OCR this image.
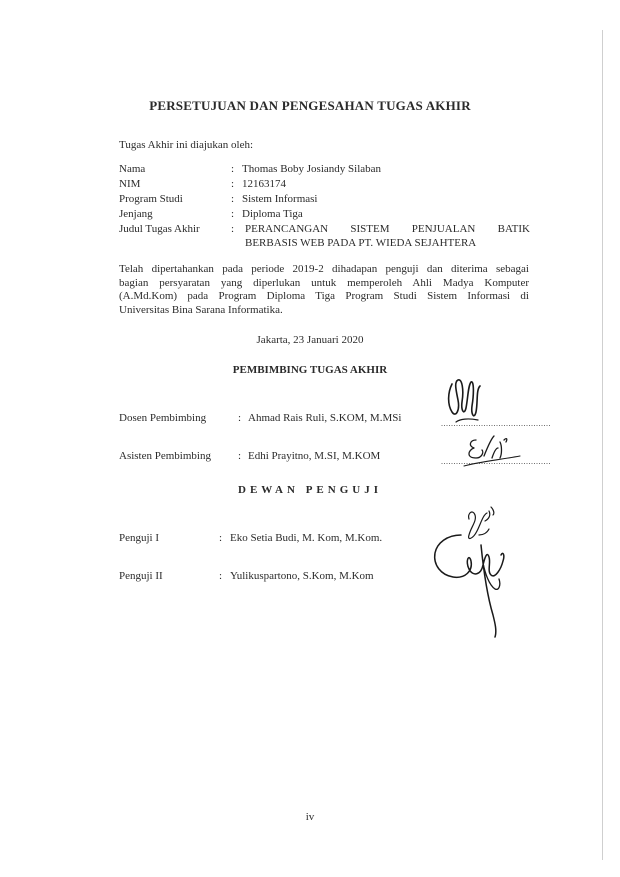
PERSETUJUAN DAN PENGESAHAN TUGAS AKHIR
Tugas Akhir ini diajukan oleh:
Nama	: Thomas Boby Josiandy Silaban
NIM	: 12163174
Program Studi	: Sistem Informasi
Jenjang	: Diploma Tiga
Judul Tugas Akhir	: PERANCANGAN SISTEM PENJUALAN BATIK
BERBASIS WEB PADA PT. WIEDA SEJAHTERA
Telah dipertahankan pada periode 2019-2 dihadapan penguji dan diterima sebagai
bagian persyaratan yang diperlukan untuk memperoleh Ahli Madya Komputer
(A.Md.Kom) pada Program Diploma Tiga Program Studi Sistem Informasi di
Universitas Bina Sarana Informatika.
Jakarta, 23 Januari 2020
PEMBIMBING TUGAS AKHIR
Dosen Pembimbing	: Ahmad Rais Ruli, S.KOM, M.MSi	............................................
Asisten Pembimbing : Edhi Prayitno, M.SI, M.KOM	............................................
DEWAN PENGUJI
Penguji I	: Eko Setia Budi, M. Kom, M.Kom.
Penguji II	: Yulikuspartono, S.Kom, M.Kom
iv
